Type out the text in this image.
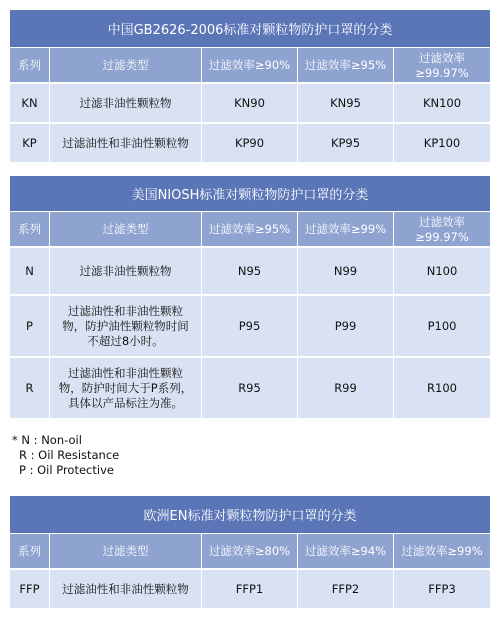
中国GB2626-2006标准对颗粒物防护口罩的分类				
系列	过滤类型	过滤效率≥90%	过滤效率≥95%	过滤效率≥99.97%
KN	过滤非油性颗粒物	KN90	KN95	KN100
KP	过滤油性和非油性颗粒物	KP90	KP95	KP100
美国NIOSH标准对颗粒物防护口罩的分类				
系列	过滤类型	过滤效率≥95%	过滤效率≥99%	过滤效率≥99.97%
N	过滤非油性颗粒物	N95	N99	N100
P	过滤油性和非油性颗粒
物，防护油性颗粒物时间
不超过8小时。	P95	P99	P100
R	过滤油性和非油性颗粒
物，防护时间大于P系列，
具体以产品标注为准。	R95	R99	R100
* N : Non-oil
R : Oil Resistance
P : Oil Protective
欧洲EN标准对颗粒物防护口罩的分类				
系列	过滤类型	过滤效率≥80%	过滤效率≥94%	过滤效率≥99%
FFP	过滤油性和非油性颗粒物	FFP1	FFP2	FFP3
